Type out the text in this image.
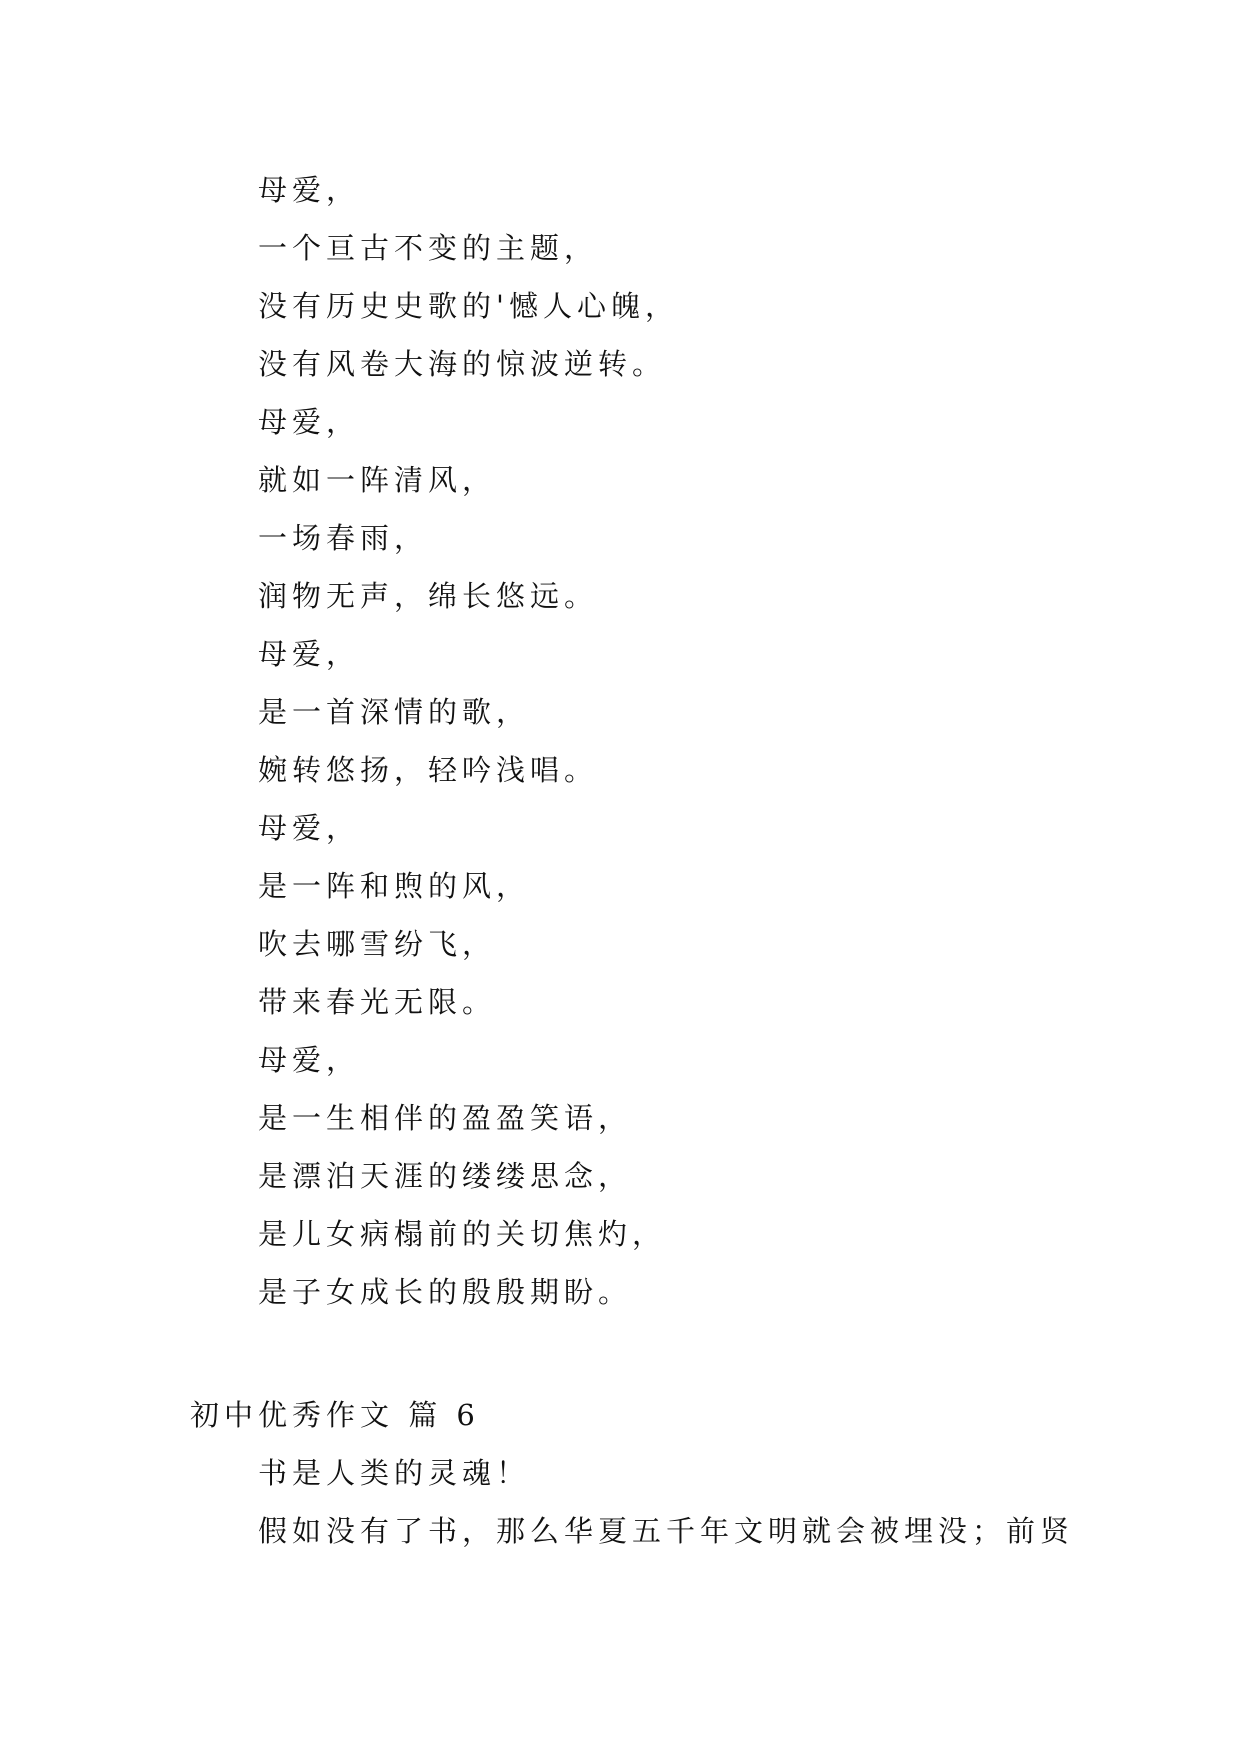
母爱，
一个亘古不变的主题，
没有历史史歌的'憾人心魄，
没有风卷大海的惊波逆转。
母爱，
就如一阵清风，
一场春雨，
润物无声，绵长悠远。
母爱，
是一首深情的歌，
婉转悠扬，轻吟浅唱。
母爱，
是一阵和煦的风，
吹去哪雪纷飞，
带来春光无限。
母爱，
是一生相伴的盈盈笑语，
是漂泊天涯的缕缕思念，
是儿女病榻前的关切焦灼，
是子女成长的殷殷期盼。
初中优秀作文 篇 6
书是人类的灵魂！
假如没有了书，那么华夏五千年文明就会被埋没；前贤
